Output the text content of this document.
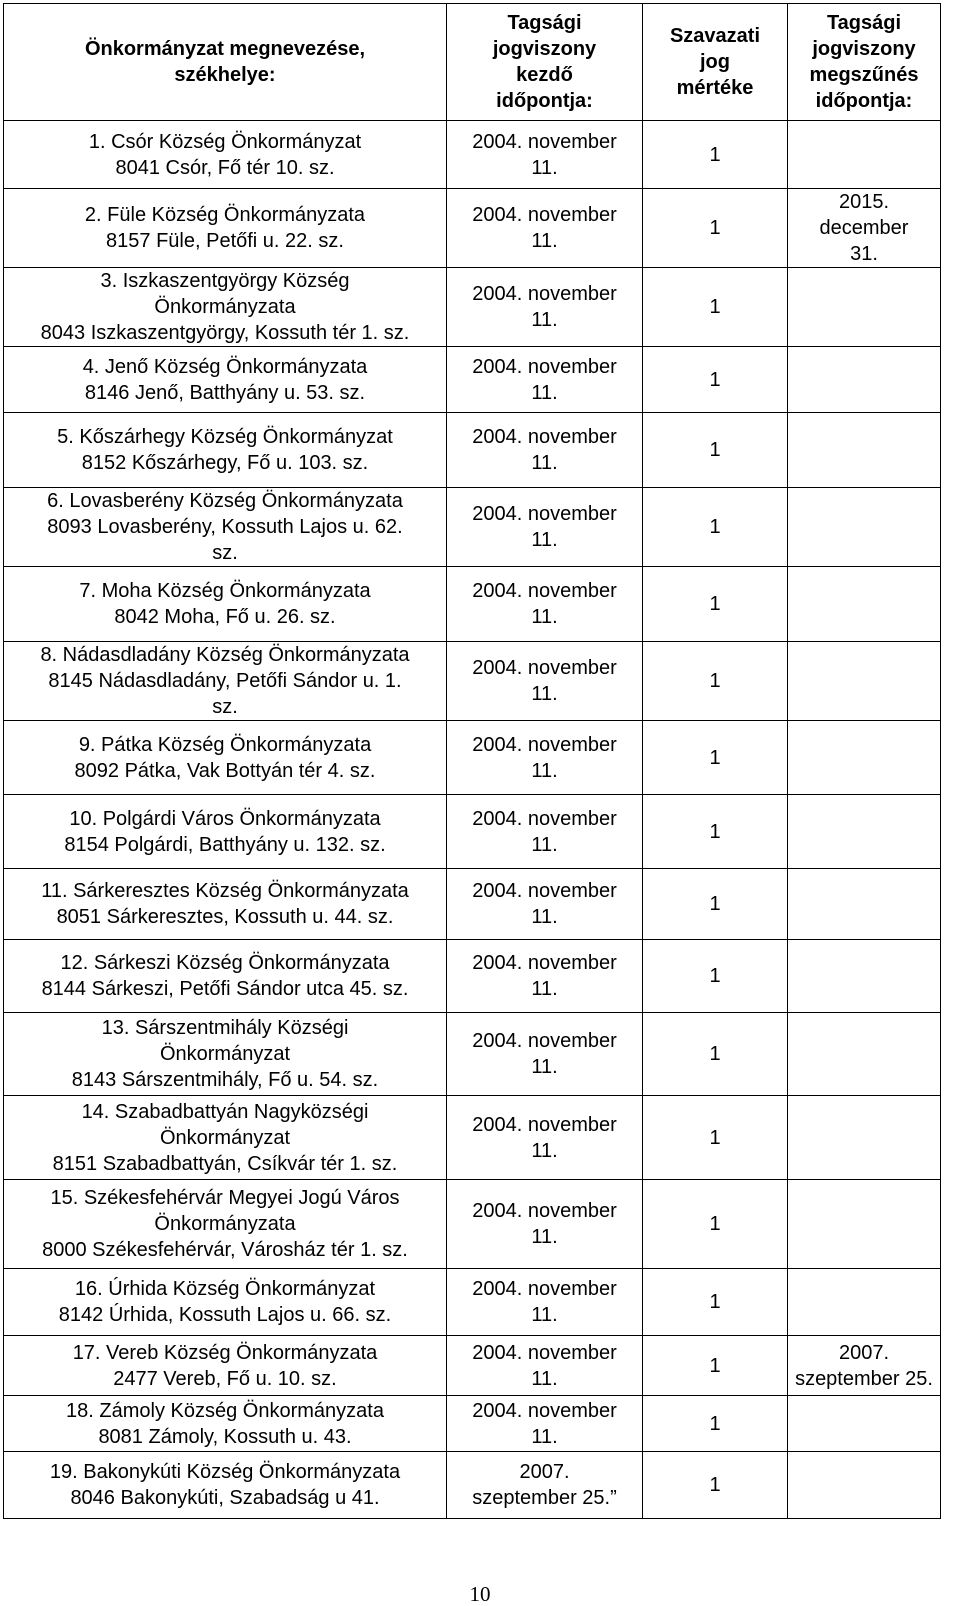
Önkormányzat megnevezése,
székhelye:	Tagsági
jogviszony
kezdő
időpontja:	Szavazati
jog
mértéke	Tagsági
jogviszony
megszűnés
időpontja:

1. Csór Község Önkormányzat
8041 Csór, Fő tér 10. sz.	2004. november
11.	1	

2. Füle Község Önkormányzata
8157 Füle, Petőfi u. 22. sz.	2004. november
11.	1	2015. december
31.

3. Iszkaszentgyörgy Község
Önkormányzata
8043 Iszkaszentgyörgy, Kossuth tér 1. sz.	2004. november
11.	1	

4. Jenő Község Önkormányzata
8146 Jenő, Batthyány u. 53. sz.	2004. november
11.	1	

5. Kőszárhegy Község Önkormányzat
8152 Kőszárhegy, Fő u. 103. sz.	2004. november
11.	1	

6. Lovasberény Község Önkormányzata
8093 Lovasberény, Kossuth Lajos u. 62.
sz.	2004. november
11.	1	

7. Moha Község Önkormányzata
8042 Moha, Fő u. 26. sz.	2004. november
11.	1	

8. Nádasdladány Község Önkormányzata
8145 Nádasdladány, Petőfi Sándor u. 1.
sz.	2004. november
11.	1	

9. Pátka Község Önkormányzata
8092 Pátka, Vak Bottyán tér 4. sz.	2004. november
11.	1	

10. Polgárdi Város Önkormányzata
8154 Polgárdi, Batthyány u. 132. sz.	2004. november
11.	1	

11. Sárkeresztes Község Önkormányzata
8051 Sárkeresztes, Kossuth u. 44. sz.	2004. november
11.	1	

12. Sárkeszi Község Önkormányzata
8144 Sárkeszi, Petőfi Sándor utca 45. sz.	2004. november
11.	1	

13. Sárszentmihály Községi
Önkormányzat
8143 Sárszentmihály, Fő u. 54. sz.	2004. november
11.	1	

14. Szabadbattyán Nagyközségi
Önkormányzat
8151 Szabadbattyán, Csíkvár tér 1. sz.	2004. november
11.	1	

15. Székesfehérvár Megyei Jogú Város
Önkormányzata
8000 Székesfehérvár, Városház tér 1. sz.	2004. november
11.	1	

16. Úrhida Község Önkormányzat
8142 Úrhida, Kossuth Lajos u. 66. sz.	2004. november
11.	1	

17. Vereb Község Önkormányzata
2477 Vereb, Fő u. 10. sz.	2004. november
11.	1	2007.
szeptember 25.

18. Zámoly Község Önkormányzata
8081 Zámoly, Kossuth u. 43.	2004. november
11.	1	

19. Bakonykúti Község Önkormányzata
8046 Bakonykúti, Szabadság u 41.	2007.
szeptember 25.”	1	
10
